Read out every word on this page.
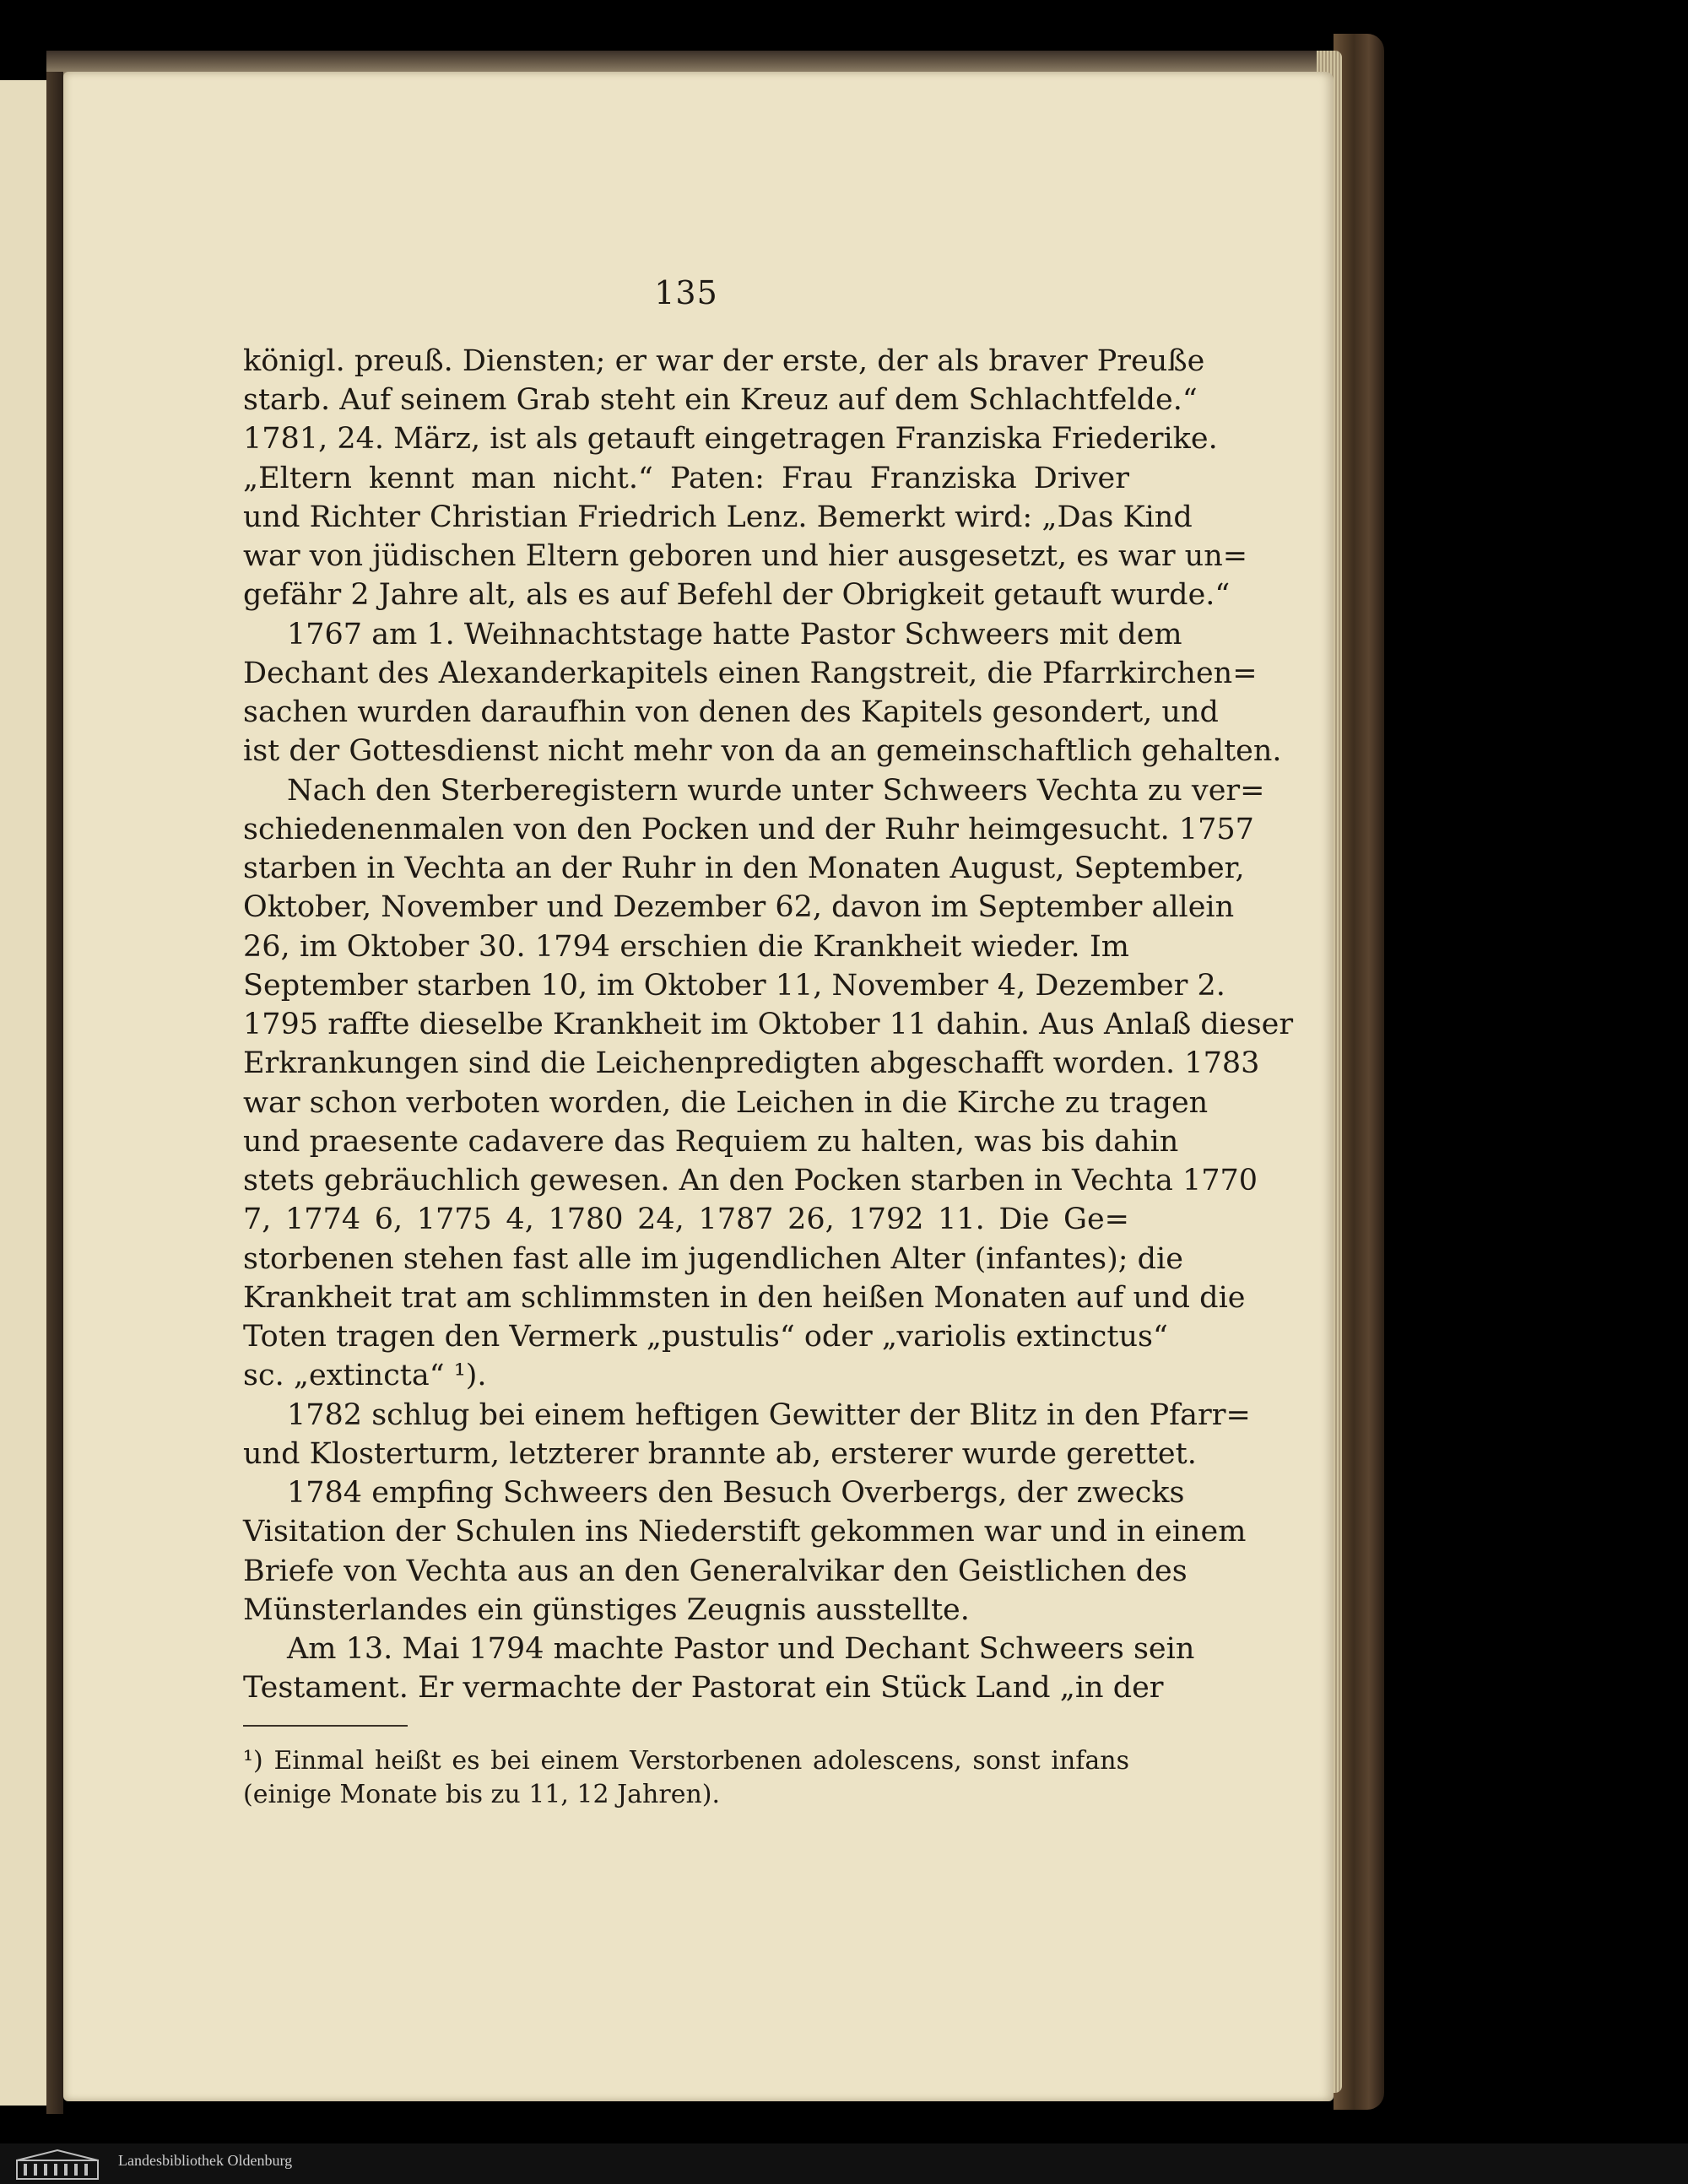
135
königl. preuß. Diensten; er war der erste, der als braver Preuße
starb. Auf seinem Grab steht ein Kreuz auf dem Schlachtfelde.“
1781, 24. März, ist als getauft eingetragen Franziska Friederike.
„Eltern kennt man nicht.“ Paten: Frau Franziska Driver
und Richter Christian Friedrich Lenz. Bemerkt wird: „Das Kind
war von jüdischen Eltern geboren und hier ausgesetzt, es war un=
gefähr 2 Jahre alt, als es auf Befehl der Obrigkeit getauft wurde.“
1767 am 1. Weihnachtstage hatte Pastor Schweers mit dem
Dechant des Alexanderkapitels einen Rangstreit, die Pfarrkirchen=
sachen wurden daraufhin von denen des Kapitels gesondert, und
ist der Gottesdienst nicht mehr von da an gemeinschaftlich gehalten.
Nach den Sterberegistern wurde unter Schweers Vechta zu ver=
schiedenenmalen von den Pocken und der Ruhr heimgesucht. 1757
starben in Vechta an der Ruhr in den Monaten August, September,
Oktober, November und Dezember 62, davon im September allein
26, im Oktober 30. 1794 erschien die Krankheit wieder. Im
September starben 10, im Oktober 11, November 4, Dezember 2.
1795 raffte dieselbe Krankheit im Oktober 11 dahin. Aus Anlaß dieser
Erkrankungen sind die Leichenpredigten abgeschafft worden. 1783
war schon verboten worden, die Leichen in die Kirche zu tragen
und praesente cadavere das Requiem zu halten, was bis dahin
stets gebräuchlich gewesen. An den Pocken starben in Vechta 1770
7, 1774 6, 1775 4, 1780 24, 1787 26, 1792 11. Die Ge=
storbenen stehen fast alle im jugendlichen Alter (infantes); die
Krankheit trat am schlimmsten in den heißen Monaten auf und die
Toten tragen den Vermerk „pustulis“ oder „variolis extinctus“
sc. „extincta“ ¹).
1782 schlug bei einem heftigen Gewitter der Blitz in den Pfarr=
und Klosterturm, letzterer brannte ab, ersterer wurde gerettet.
1784 empfing Schweers den Besuch Overbergs, der zwecks
Visitation der Schulen ins Niederstift gekommen war und in einem
Briefe von Vechta aus an den Generalvikar den Geistlichen des
Münsterlandes ein günstiges Zeugnis ausstellte.
Am 13. Mai 1794 machte Pastor und Dechant Schweers sein
Testament. Er vermachte der Pastorat ein Stück Land „in der
¹) Einmal heißt es bei einem Verstorbenen adolescens, sonst infans
(einige Monate bis zu 11, 12 Jahren).
Landesbibliothek Oldenburg
